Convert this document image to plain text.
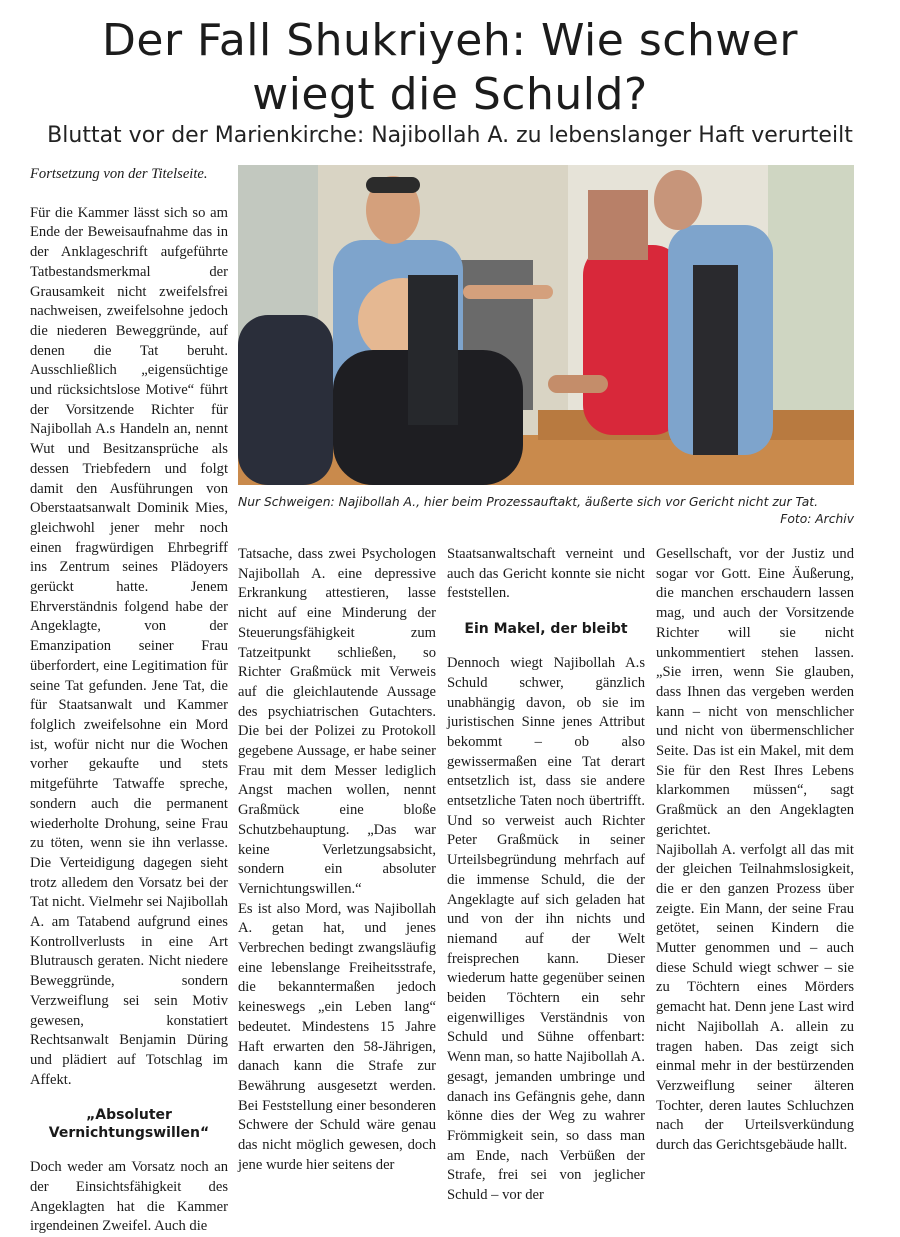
Der Fall Shukriyeh: Wie schwer
wiegt die Schuld?
Bluttat vor der Marienkirche: Najibollah A. zu lebenslanger Haft verurteilt

Fortsetzung von der Titelseite.

Für die Kammer lässt sich so am Ende der Beweisaufnahme das in der Anklageschrift aufgeführte Tatbestandsmerkmal der Grausamkeit nicht zweifelsfrei nachweisen, zweifelsohne jedoch die niederen Beweggründe, auf denen die Tat beruht. Ausschließlich „eigensüchtige und rücksichtslose Motive“ führt der Vorsitzende Richter für Najibollah A.s Handeln an, nennt Wut und Besitzansprüche als dessen Triebfedern und folgt damit den Ausführungen von Oberstaatsanwalt Dominik Mies, gleichwohl jener mehr noch einen fragwürdigen Ehrbegriff ins Zentrum seines Plädoyers gerückt hatte. Jenem Ehrverständnis folgend habe der Angeklagte, von der Emanzipation seiner Frau überfordert, eine Legitimation für seine Tat gefunden. Jene Tat, die für Staatsanwalt und Kammer folglich zweifelsohne ein Mord ist, wofür nicht nur die Wochen vorher gekaufte und stets mitgeführte Tatwaffe spreche, sondern auch die permanent wiederholte Drohung, seine Frau zu töten, wenn sie ihn verlasse. Die Verteidigung dagegen sieht trotz alledem den Vorsatz bei der Tat nicht. Vielmehr sei Najibollah A. am Tatabend aufgrund eines Kontrollverlusts in eine Art Blutrausch geraten. Nicht niedere Beweggründe, sondern Verzweiflung sei sein Motiv gewesen, konstatiert Rechtsanwalt Benjamin Düring und plädiert auf Totschlag im Affekt.

„Absoluter Vernichtungswillen“

Doch weder am Vorsatz noch an der Einsichtsfähigkeit des Angeklagten hat die Kammer irgendeinen Zweifel. Auch die

Nur Schweigen: Najibollah A., hier beim Prozessauftakt, äußerte sich vor Gericht nicht zur Tat.
Foto: Archiv

Tatsache, dass zwei Psychologen Najibollah A. eine depressive Erkrankung attestieren, lasse nicht auf eine Minderung der Steuerungsfähigkeit zum Tatzeitpunkt schließen, so Richter Graßmück mit Verweis auf die gleichlautende Aussage des psychiatrischen Gutachters. Die bei der Polizei zu Protokoll gegebene Aussage, er habe seiner Frau mit dem Messer lediglich Angst machen wollen, nennt Graßmück eine bloße Schutzbehauptung. „Das war keine Verletzungsabsicht, sondern ein absoluter Vernichtungswillen.“

Es ist also Mord, was Najibollah A. getan hat, und jenes Verbrechen bedingt zwangsläufig eine lebenslange Freiheitsstrafe, die bekanntermaßen jedoch keineswegs „ein Leben lang“ bedeutet. Mindestens 15 Jahre Haft erwarten den 58-Jährigen, danach kann die Strafe zur Bewährung ausgesetzt werden. Bei Feststellung einer besonderen Schwere der Schuld wäre genau das nicht möglich gewesen, doch jene wurde hier seitens der

Staatsanwaltschaft verneint und auch das Gericht konnte sie nicht feststellen.

Ein Makel, der bleibt

Dennoch wiegt Najibollah A.s Schuld schwer, gänzlich unabhängig davon, ob sie im juristischen Sinne jenes Attribut bekommt – ob also gewissermaßen eine Tat derart entsetzlich ist, dass sie andere entsetzliche Taten noch übertrifft. Und so verweist auch Richter Peter Graßmück in seiner Urteilsbegründung mehrfach auf die immense Schuld, die der Angeklagte auf sich geladen hat und von der ihn nichts und niemand auf der Welt freisprechen kann. Dieser wiederum hatte gegenüber seinen beiden Töchtern ein sehr eigenwilliges Verständnis von Schuld und Sühne offenbart: Wenn man, so hatte Najibollah A. gesagt, jemanden umbringe und danach ins Gefängnis gehe, dann könne dies der Weg zu wahrer Frömmigkeit sein, so dass man am Ende, nach Verbüßen der Strafe, frei sei von jeglicher Schuld – vor der

Gesellschaft, vor der Justiz und sogar vor Gott. Eine Äußerung, die manchen erschaudern lassen mag, und auch der Vorsitzende Richter will sie nicht unkommentiert stehen lassen. „Sie irren, wenn Sie glauben, dass Ihnen das vergeben werden kann – nicht von menschlicher und nicht von übermenschlicher Seite. Das ist ein Makel, mit dem Sie für den Rest Ihres Lebens klarkommen müssen“, sagt Graßmück an den Angeklagten gerichtet.

Najibollah A. verfolgt all das mit der gleichen Teilnahmslosigkeit, die er den ganzen Prozess über zeigte. Ein Mann, der seine Frau getötet, seinen Kindern die Mutter genommen und – auch diese Schuld wiegt schwer – sie zu Töchtern eines Mörders gemacht hat. Denn jene Last wird nicht Najibollah A. allein zu tragen haben. Das zeigt sich einmal mehr in der bestürzenden Verzweiflung seiner älteren Tochter, deren lautes Schluchzen nach der Urteilsverkündung durch das Gerichtsgebäude hallt.
